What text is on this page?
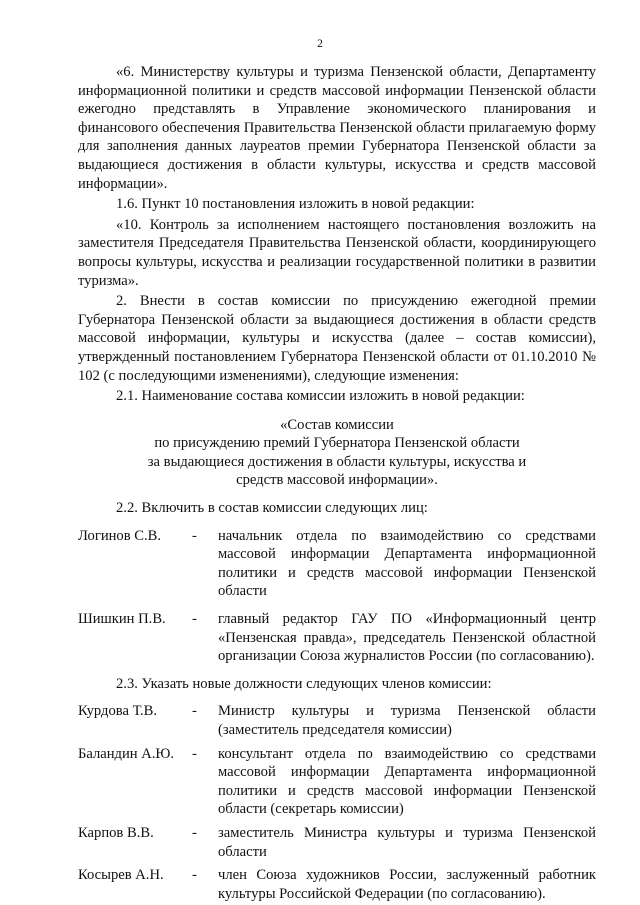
2

«6. Министерству культуры и туризма Пензенской области, Департаменту информационной политики и средств массовой информации Пензенской области ежегодно представлять в Управление экономического планирования и финансового обеспечения Правительства Пензенской области прилагаемую форму для заполнения данных лауреатов премии Губернатора Пензенской области за выдающиеся достижения в области культуры, искусства и средств массовой информации».

1.6. Пункт 10 постановления изложить в новой редакции:

«10. Контроль за исполнением настоящего постановления возложить на заместителя Председателя Правительства Пензенской области, координирующего вопросы культуры, искусства и реализации государственной политики в развитии туризма».

2. Внести в состав комиссии по присуждению ежегодной премии Губернатора Пензенской области за выдающиеся достижения в области средств массовой информации, культуры и искусства (далее – состав комиссии), утвержденный постановлением Губернатора Пензенской области от 01.10.2010 № 102 (с последующими изменениями), следующие изменения:

2.1. Наименование состава комиссии изложить в новой редакции:

«Состав комиссии
по присуждению премий Губернатора Пензенской области
за выдающиеся достижения в области культуры, искусства и
средств массовой информации».

2.2. Включить в состав комиссии следующих лиц:

Логинов С.В.	-	начальник отдела по взаимодействию со средствами массовой информации Департамента информационной политики и средств массовой информации Пензенской области
Шишкин П.В.	-	главный редактор ГАУ ПО «Информационный центр «Пензенская правда», председатель Пензенской областной организации Союза журналистов России (по согласованию).

2.3. Указать новые должности следующих членов комиссии:

Курдова Т.В.	-	Министр культуры и туризма Пензенской области (заместитель председателя комиссии)
Баландин А.Ю.	-	консультант отдела по взаимодействию со средствами массовой информации Департамента информационной политики и средств массовой информации Пензенской области (секретарь комиссии)
Карпов В.В.	-	заместитель Министра культуры и туризма Пензенской области
Косырев А.Н.	-	член Союза художников России, заслуженный работник культуры Российской Федерации (по согласованию).
